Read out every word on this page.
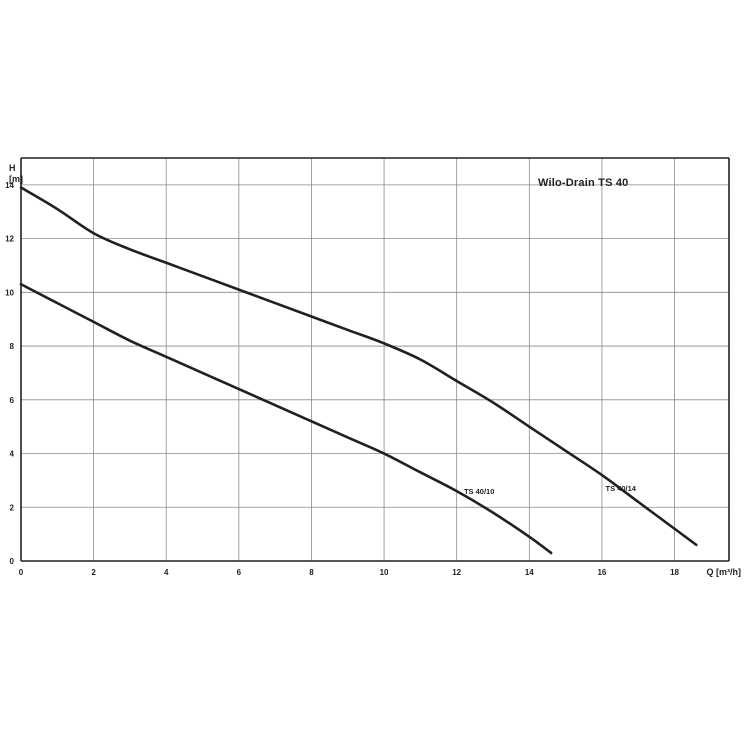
0	2	4	6	8	10	12	14	16	18
0
2
4
6
8
10
12
14
TS 40/14
TS 40/10
Wilo-Drain TS 40
H
[m]
Q [m³/h]
